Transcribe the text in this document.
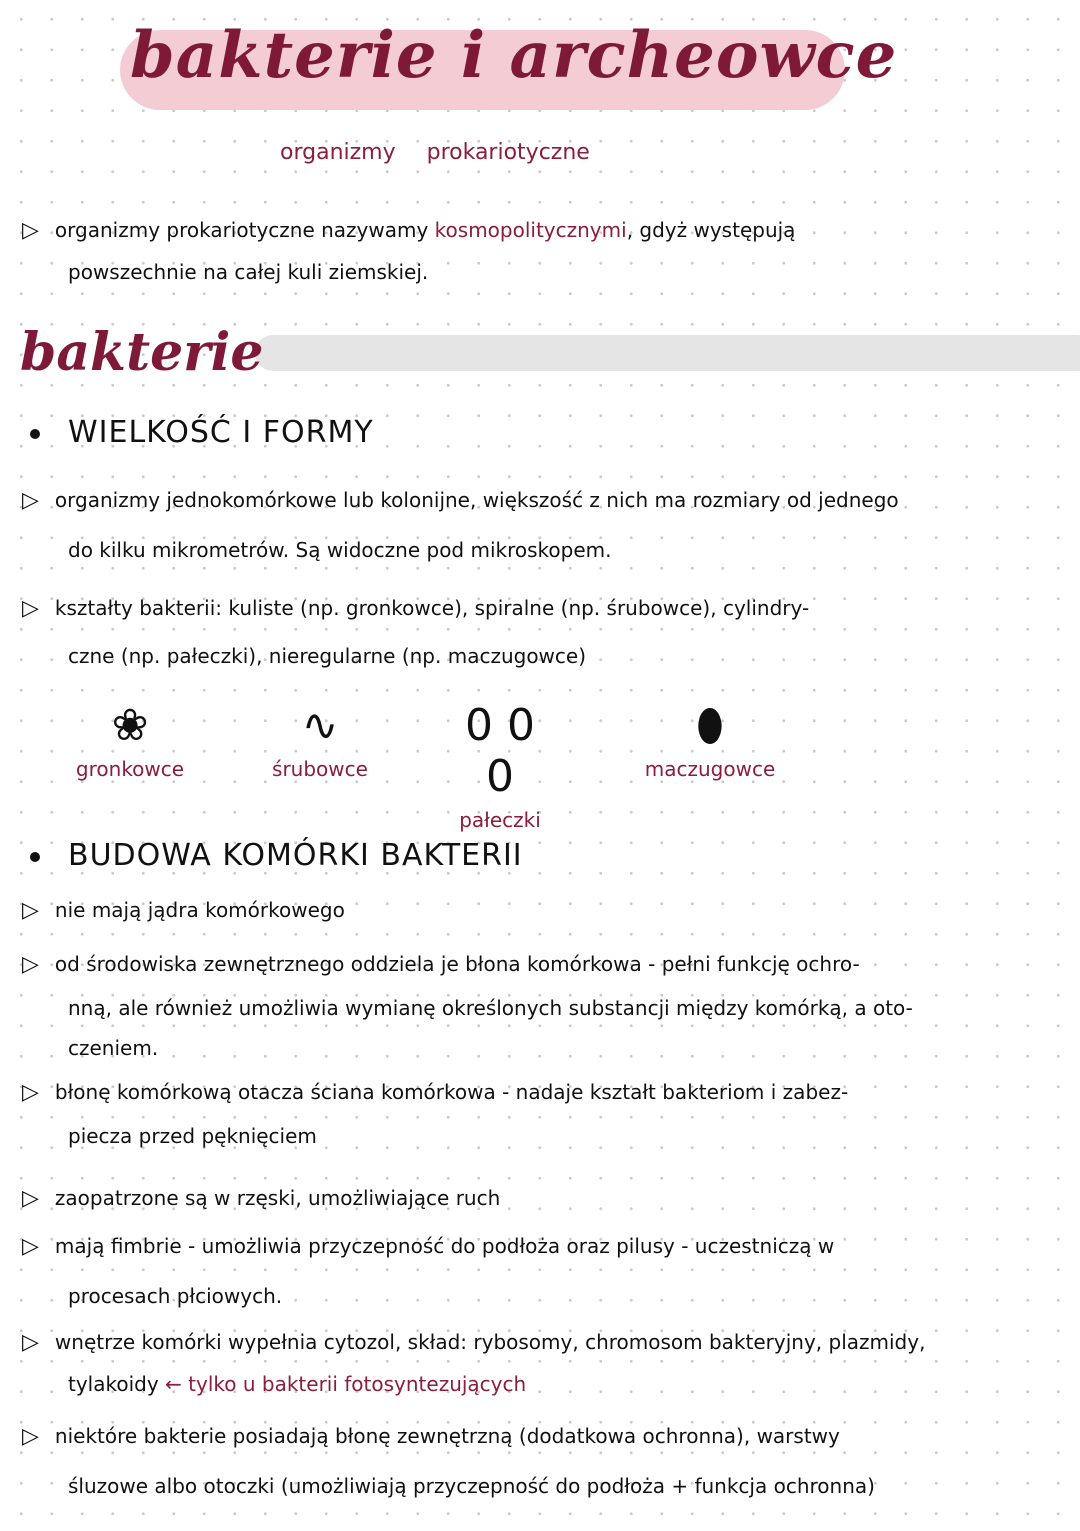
bakterie i archeowce
organizmy prokariotyczne
▷ organizmy prokariotyczne nazywamy kosmopolitycznymi, gdyż występują
powszechnie na całej kuli ziemskiej.
bakterie
WIELKOŚĆ I FORMY
▷ organizmy jednokomórkowe lub kolonijne, większość z nich ma rozmiary od jednego
do kilku mikrometrów. Są widoczne pod mikroskopem.
▷ kształty bakterii: kuliste (np. gronkowce), spiralne (np. śrubowce), cylindry-
czne (np. pałeczki), nieregularne (np. maczugowce)
❀
gronkowce
∿
śrubowce
0 0 0
pałeczki
⬮
maczugowce
BUDOWA KOMÓRKI BAKTERII
▷ nie mają jądra komórkowego
▷ od środowiska zewnętrznego oddziela je błona komórkowa - pełni funkcję ochro-
nną, ale również umożliwia wymianę określonych substancji między komórką, a oto-
czeniem.
▷ błonę komórkową otacza ściana komórkowa - nadaje kształt bakteriom i zabez-
piecza przed pęknięciem
▷ zaopatrzone są w rzęski, umożliwiające ruch
▷ mają fimbrie - umożliwia przyczepność do podłoża oraz pilusy - uczestniczą w
procesach płciowych.
▷ wnętrze komórki wypełnia cytozol, skład: rybosomy, chromosom bakteryjny, plazmidy,
tylakoidy ← tylko u bakterii fotosyntezujących
▷ niektóre bakterie posiadają błonę zewnętrzną (dodatkowa ochronna), warstwy
śluzowe albo otoczki (umożliwiają przyczepność do podłoża + funkcja ochronna)
